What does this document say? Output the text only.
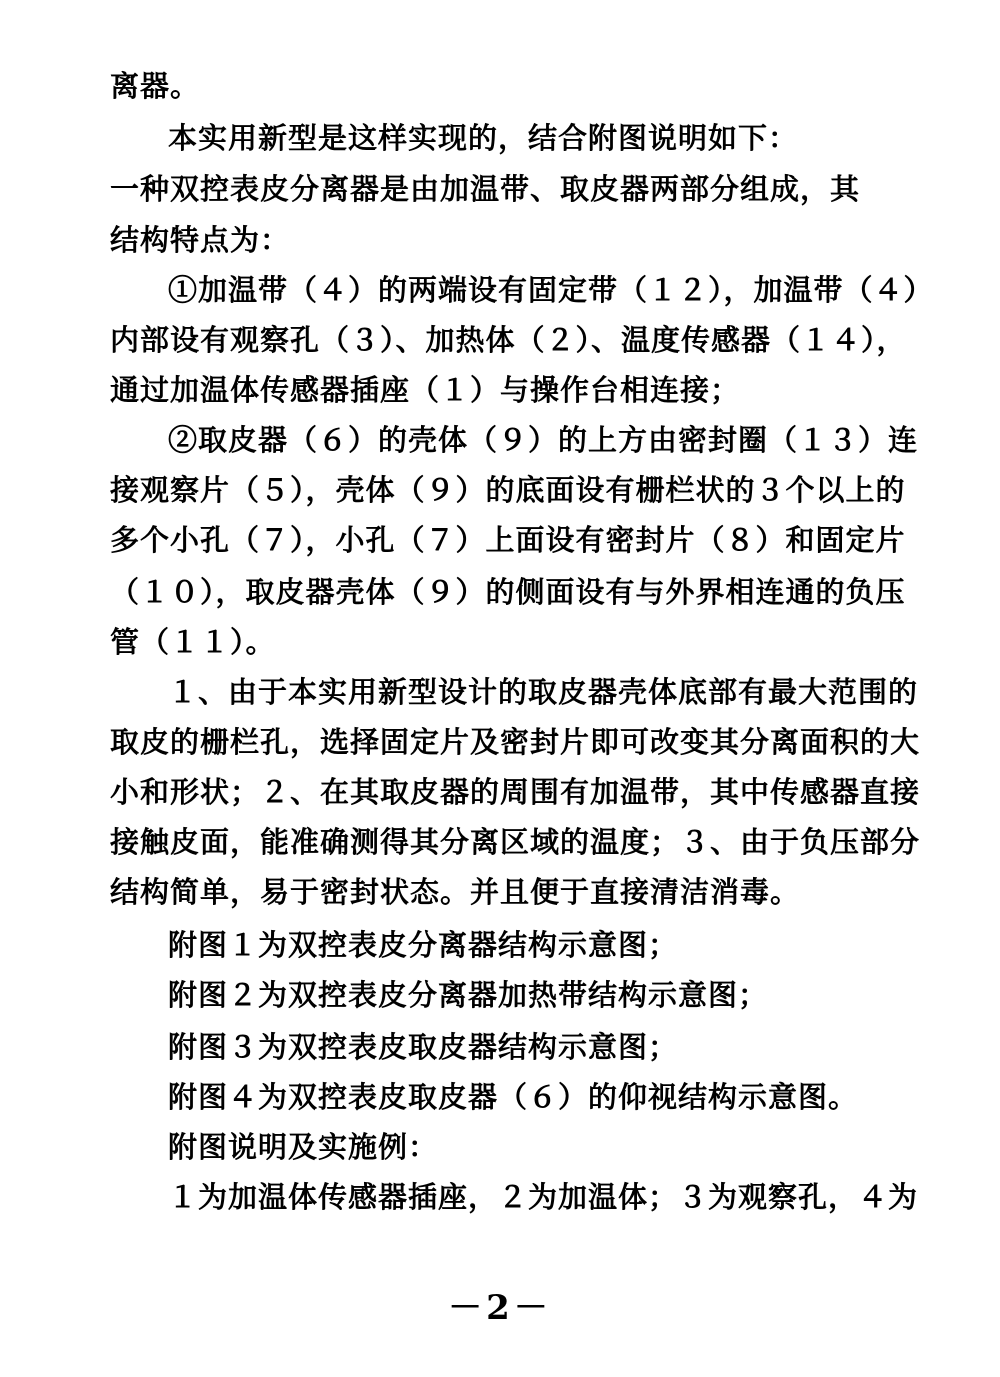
离器。
本实用新型是这样实现的，结合附图说明如下：
一种双控表皮分离器是由加温带、取皮器两部分组成，其
结构特点为：
①加温带（４）的两端设有固定带（１２），加温带（４）
内部设有观察孔（３）、加热体（２）、温度传感器（１４），
通过加温体传感器插座（１）与操作台相连接；
②取皮器（６）的壳体（９）的上方由密封圈（１３）连
接观察片（５），壳体（９）的底面设有栅栏状的３个以上的
多个小孔（７），小孔（７）上面设有密封片（８）和固定片
（１０），取皮器壳体（９）的侧面设有与外界相连通的负压
管（１１）。
１、由于本实用新型设计的取皮器壳体底部有最大范围的
取皮的栅栏孔，选择固定片及密封片即可改变其分离面积的大
小和形状；２、在其取皮器的周围有加温带，其中传感器直接
接触皮面，能准确测得其分离区域的温度；３、由于负压部分
结构简单，易于密封状态。并且便于直接清洁消毒。
附图１为双控表皮分离器结构示意图；
附图２为双控表皮分离器加热带结构示意图；
附图３为双控表皮取皮器结构示意图；
附图４为双控表皮取皮器（６）的仰视结构示意图。
附图说明及实施例：
１为加温体传感器插座，２为加温体；３为观察孔，４为
－2－
